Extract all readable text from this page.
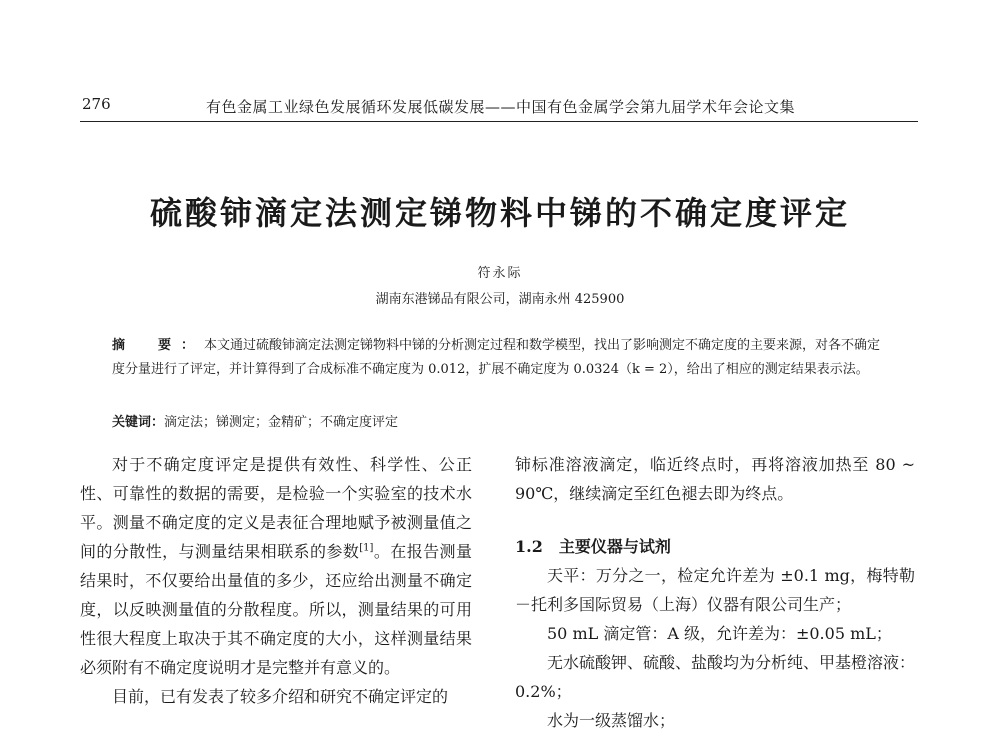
276	有色金属工业绿色发展循环发展低碳发展——中国有色金属学会第九届学术年会论文集
硫酸铈滴定法测定锑物料中锑的不确定度评定
符永际
湖南东港锑品有限公司，湖南永州 425900

摘　要：本文通过硫酸铈滴定法测定锑物料中锑的分析测定过程和数学模型，找出了影响测定不确定度的主要来源，对各不确定度分量进行了评定，并计算得到了合成标准不确定度为 0.012，扩展不确定度为 0.0324（k = 2），给出了相应的测定结果表示法。

关键词：滴定法；锑测定；金精矿；不确定度评定

对于不确定度评定是提供有效性、科学性、公正性、可靠性的数据的需要，是检验一个实验室的技术水平。测量不确定度的定义是表征合理地赋予被测量值之间的分散性，与测量结果相联系的参数[1]。在报告测量结果时，不仅要给出量值的多少，还应给出测量不确定度，以反映测量值的分散程度。所以，测量结果的可用性很大程度上取决于其不确定度的大小，这样测量结果必须附有不确定度说明才是完整并有意义的。

目前，已有发表了较多介绍和研究不确定评定的

铈标准溶液滴定，临近终点时，再将溶液加热至 80 ~ 90℃，继续滴定至红色褪去即为终点。

1.2　主要仪器与试剂

天平：万分之一，检定允许差为 ±0.1 mg，梅特勒－托利多国际贸易（上海）仪器有限公司生产；

50 mL 滴定管：A 级，允许差为：±0.05 mL；

无水硫酸钾、硫酸、盐酸均为分析纯、甲基橙溶液：0.2%；

水为一级蒸馏水；
